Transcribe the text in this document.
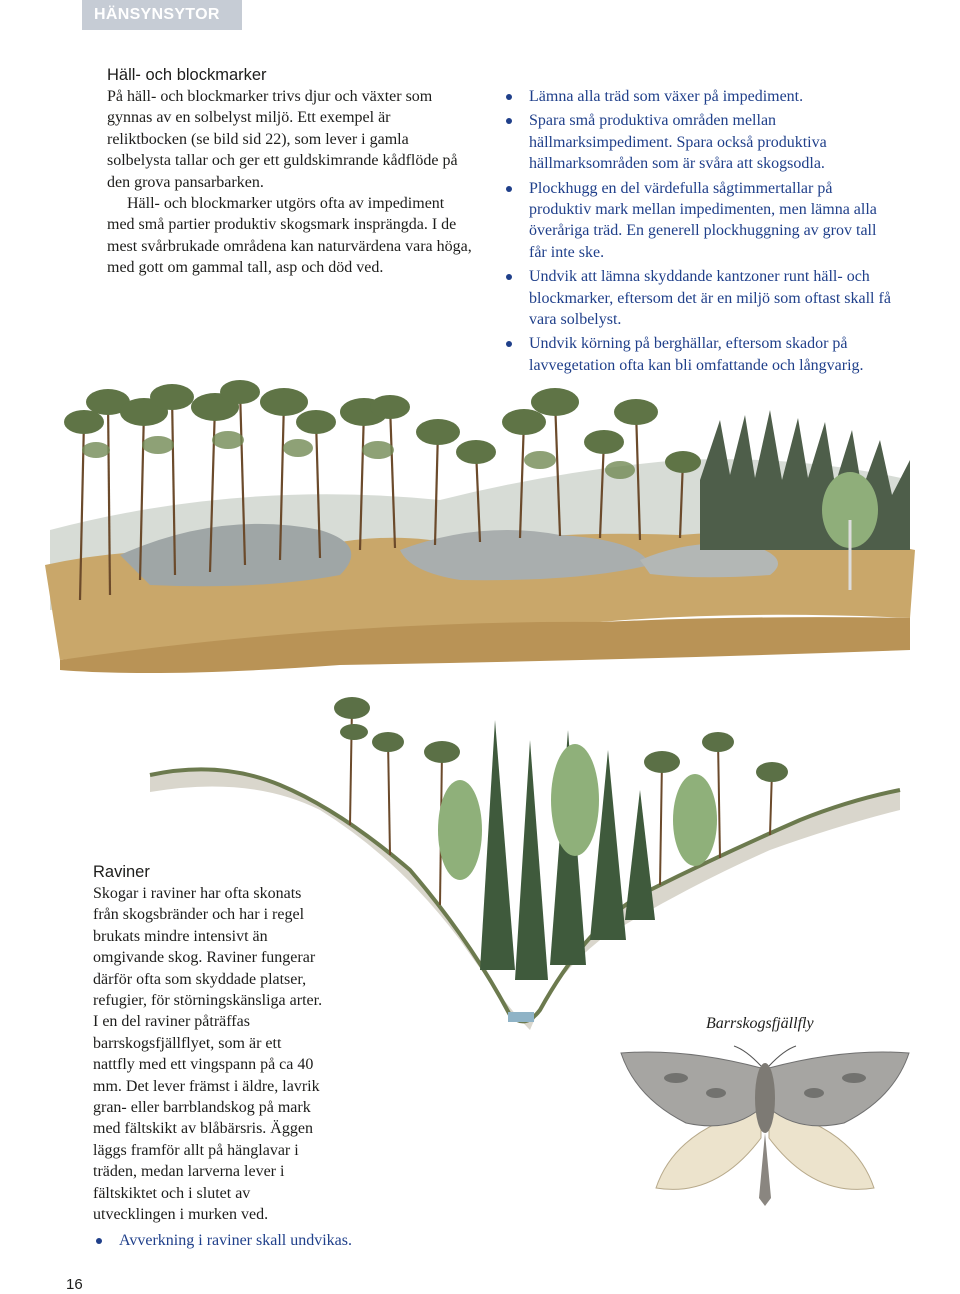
HÄNSYNSYTOR
Häll- och blockmarker

På häll- och blockmarker trivs djur och växter som gynnas av en solbelyst miljö. Ett exempel är reliktbocken (se bild sid 22), som lever i gamla solbelysta tallar och ger ett guldskimrande kådflöde på den grova pansarbarken.

Häll- och blockmarker utgörs ofta av impediment med små partier produktiv skogsmark insprängda. I de mest svårbrukade områdena kan naturvärdena vara höga, med gott om gammal tall, asp och död ved.

Lämna alla träd som växer på impediment.
Spara små produktiva områden mellan hällmarksimpediment. Spara också produktiva hällmarksområden som är svåra att skogsodla.
Plockhugg en del värdefulla sågtimmertallar på produktiv mark mellan impedimenten, men lämna alla överåriga träd. En generell plockhuggning av grov tall får inte ske.
Undvik att lämna skyddande kantzoner runt häll- och blockmarker, eftersom det är en miljö som oftast skall få vara solbelyst.
Undvik körning på berghällar, eftersom skador på lavvegetation ofta kan bli omfattande och långvarig.
Raviner

Skogar i raviner har ofta skonats från skogsbränder och har i regel brukats mindre intensivt än omgivande skog. Raviner fungerar därför ofta som skyddade platser, refugier, för störningskänsliga arter. I en del raviner påträffas barrskogsfjällflyet, som är ett nattfly med ett vingspann på ca 40 mm. Det lever främst i äldre, lavrik gran- eller barrblandskog på mark med fältskikt av blåbärsris. Äggen läggs framför allt på hänglavar i träden, medan larverna lever i fältskiktet och i slutet av utvecklingen i murken ved.

Avverkning i raviner skall undvikas.
Barrskogsfjällfly
16
